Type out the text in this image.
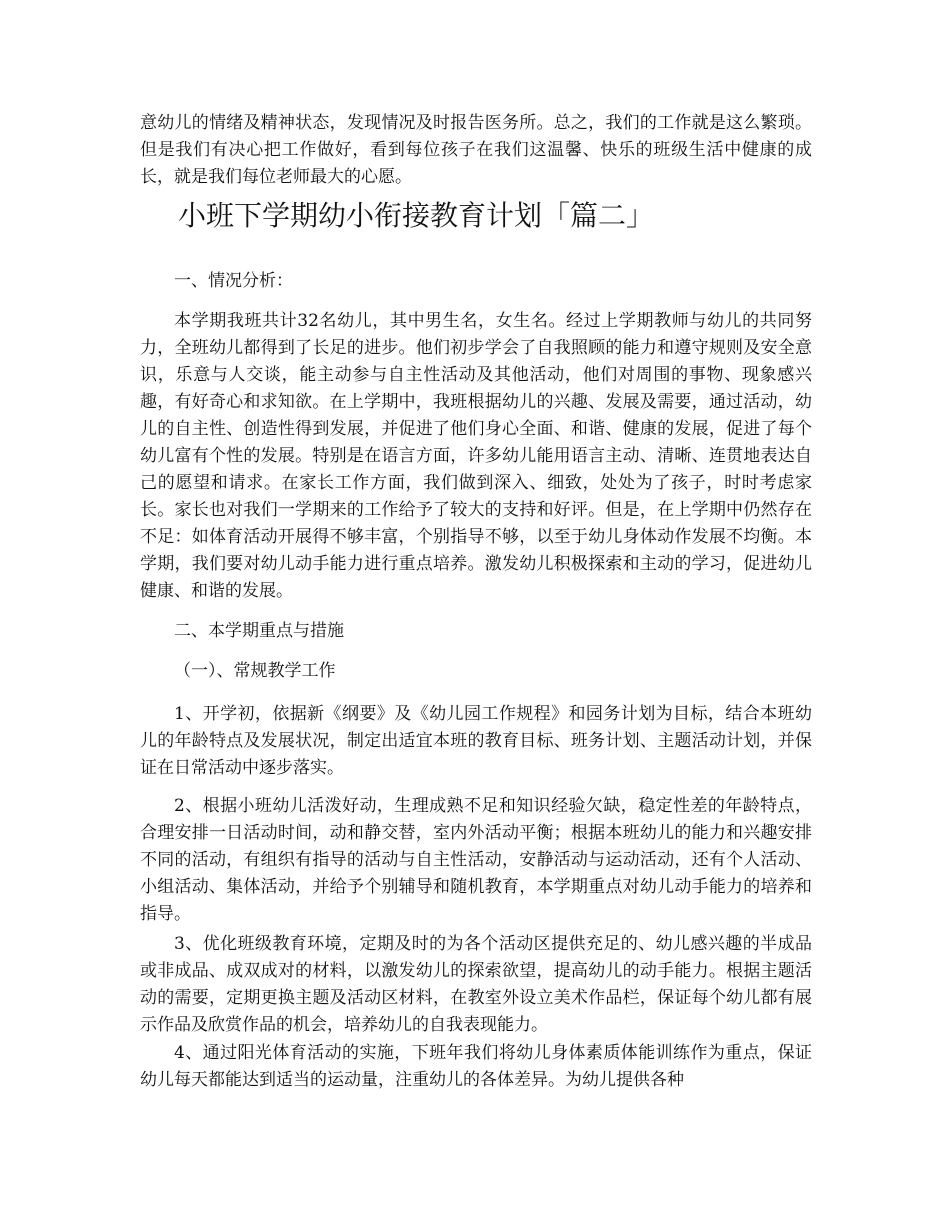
意幼儿的情绪及精神状态，发现情况及时报告医务所。总之，我们的工作就是这么繁琐。但是我们有决心把工作做好，看到每位孩子在我们这温馨、快乐的班级生活中健康的成长，就是我们每位老师最大的心愿。

小班下学期幼小衔接教育计划「篇二」

一、情况分析：

本学期我班共计32名幼儿，其中男生名，女生名。经过上学期教师与幼儿的共同努力，全班幼儿都得到了长足的进步。他们初步学会了自我照顾的能力和遵守规则及安全意识，乐意与人交谈，能主动参与自主性活动及其他活动，他们对周围的事物、现象感兴趣，有好奇心和求知欲。在上学期中，我班根据幼儿的兴趣、发展及需要，通过活动，幼儿的自主性、创造性得到发展，并促进了他们身心全面、和谐、健康的发展，促进了每个幼儿富有个性的发展。特别是在语言方面，许多幼儿能用语言主动、清晰、连贯地表达自己的愿望和请求。在家长工作方面，我们做到深入、细致，处处为了孩子，时时考虑家长。家长也对我们一学期来的工作给予了较大的支持和好评。但是，在上学期中仍然存在不足：如体育活动开展得不够丰富，个别指导不够，以至于幼儿身体动作发展不均衡。本学期，我们要对幼儿动手能力进行重点培养。激发幼儿积极探索和主动的学习，促进幼儿健康、和谐的发展。

二、本学期重点与措施

（一）、常规教学工作

1、开学初，依据新《纲要》及《幼儿园工作规程》和园务计划为目标，结合本班幼儿的年龄特点及发展状况，制定出适宜本班的教育目标、班务计划、主题活动计划，并保证在日常活动中逐步落实。

2、根据小班幼儿活泼好动，生理成熟不足和知识经验欠缺，稳定性差的年龄特点，合理安排一日活动时间，动和静交替，室内外活动平衡；根据本班幼儿的能力和兴趣安排不同的活动，有组织有指导的活动与自主性活动，安静活动与运动活动，还有个人活动、小组活动、集体活动，并给予个别辅导和随机教育，本学期重点对幼儿动手能力的培养和指导。

3、优化班级教育环境，定期及时的为各个活动区提供充足的、幼儿感兴趣的半成品或非成品、成双成对的材料，以激发幼儿的探索欲望，提高幼儿的动手能力。根据主题活动的需要，定期更换主题及活动区材料，在教室外设立美术作品栏，保证每个幼儿都有展示作品及欣赏作品的机会，培养幼儿的自我表现能力。

4、通过阳光体育活动的实施，下班年我们将幼儿身体素质体能训练作为重点，保证幼儿每天都能达到适当的运动量，注重幼儿的各体差异。为幼儿提供各种
